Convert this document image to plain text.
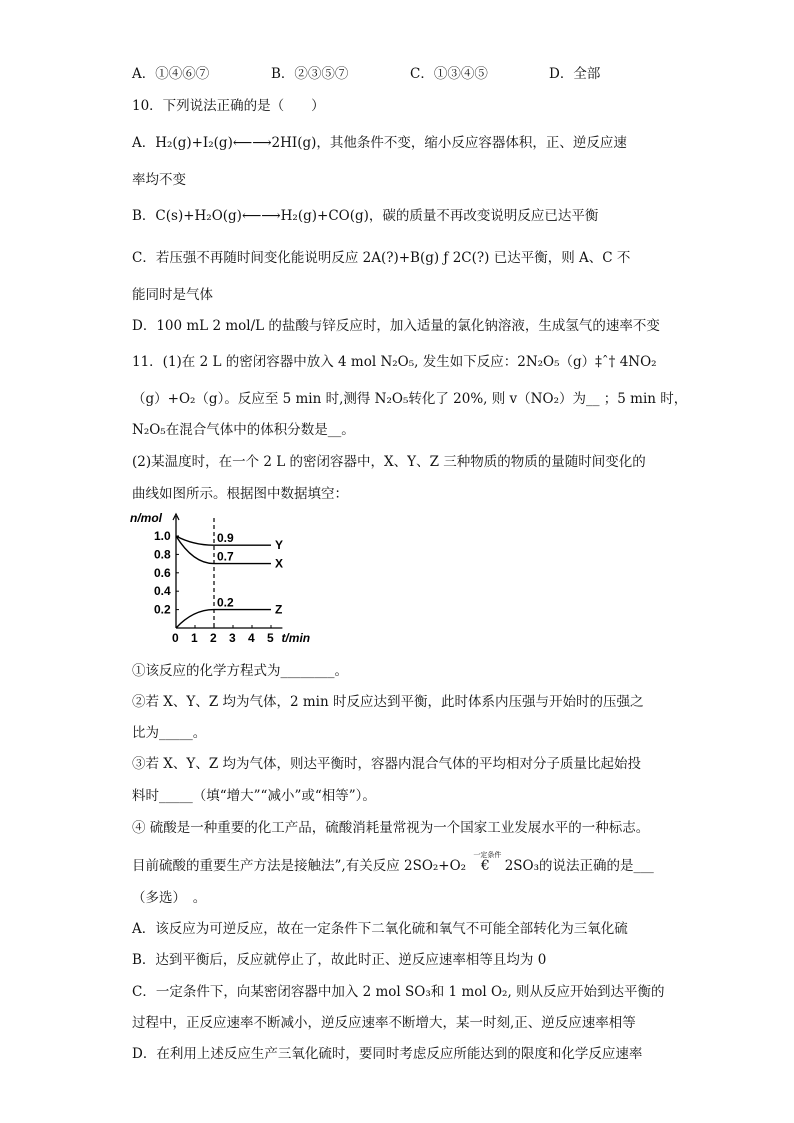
A．①④⑥⑦	B．②③⑤⑦	C．①③④⑤	D．全部
10．下列说法正确的是（　　）
A．H₂(g)+I₂(g)⟵⟶2HI(g)，其他条件不变，缩小反应容器体积，正、逆反应速
率均不变
B．C(s)+H₂O(g)⟵⟶H₂(g)+CO(g)，碳的质量不再改变说明反应已达平衡
C．若压强不再随时间变化能说明反应 2A(?)+B(g) ƒ 2C(?) 已达平衡，则 A、C 不
能同时是气体
D．100 mL 2 mol/L 的盐酸与锌反应时，加入适量的氯化钠溶液，生成氢气的速率不变
11．(1)在 2 L 的密闭容器中放入 4 mol N₂O₅, 发生如下反应：2N₂O₅（g）‡ˆ† 4NO₂
（g）+O₂（g）。反应至 5 min 时,测得 N₂O₅转化了 20%, 则 v（NO₂）为__ ；5 min 时，
N₂O₅在混合气体中的体积分数是__。
(2)某温度时，在一个 2 L 的密闭容器中，X、Y、Z 三种物质的物质的量随时间变化的
曲线如图所示。根据图中数据填空：
n/mol
1.0
0.8
0.6
0.4
0.2
0 1 2 3 4 5 t/min
0.9	Y
0.7	X
0.2	Z
①该反应的化学方程式为________。
②若 X、Y、Z 均为气体，2 min 时反应达到平衡，此时体系内压强与开始时的压强之
比为_____。
③若 X、Y、Z 均为气体，则达平衡时，容器内混合气体的平均相对分子质量比起始投
料时_____（填“增大”“减小”或“相等”）。
④ 硫酸是一种重要的化工产品，硫酸消耗量常视为一个国家工业发展水平的一种标志。
目前硫酸的重要生产方法是接触法”,有关反应 2SO₂+O₂
一定条件
€ 2SO₃的说法正确的是___
（多选）　。
A．该反应为可逆反应，故在一定条件下二氧化硫和氧气不可能全部转化为三氧化硫
B．达到平衡后，反应就停止了，故此时正、逆反应速率相等且均为 0
C．一定条件下，向某密闭容器中加入 2 mol SO₃和 1 mol O₂, 则从反应开始到达平衡的
过程中，正反应速率不断减小，逆反应速率不断增大，某一时刻,正、逆反应速率相等
D．在利用上述反应生产三氧化硫时，要同时考虑反应所能达到的限度和化学反应速率
